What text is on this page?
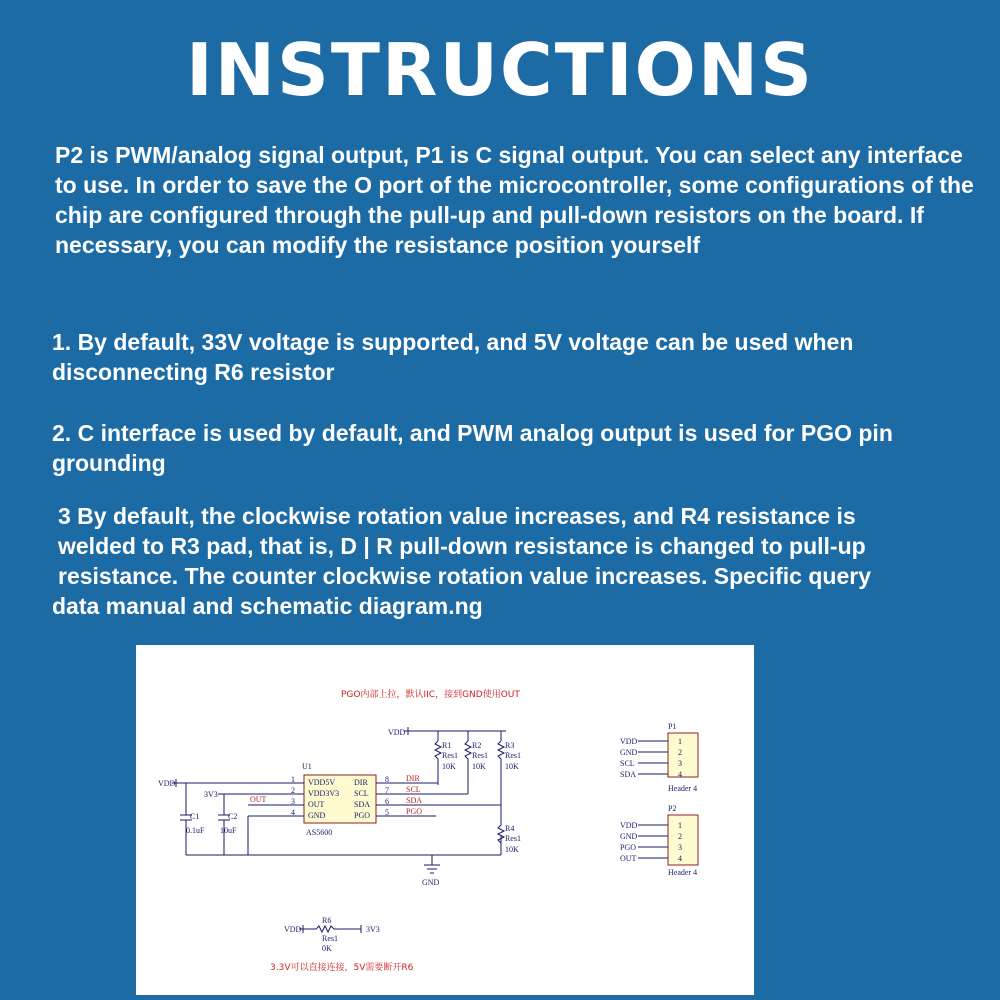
INSTRUCTIONS
P2 is PWM/analog signal output, P1 is C signal output. You can select any interface to use. In order to save the O port of the microcontroller, some configurations of the chip are configured through the pull-up and pull-down resistors on the board. If necessary, you can modify the resistance position yourself
1. By default, 33V voltage is supported, and 5V voltage can be used when disconnecting R6 resistor
2. C interface is used by default, and PWM analog output is used for PGO pin grounding
3 By default, the clockwise rotation value increases, and R4 resistance is
welded to R3 pad, that is, D | R pull-down resistance is changed to pull-up
resistance. The counter clockwise rotation value increases. Specific query
data manual and schematic diagram.ng
PGO内部上拉，默认IIC，接到GND使用OUT
VDD
R1
Res1
10K
R2
Res1
10K
R3
Res1
10K
U1
VDD5V
VDD3V3
OUT
GND
DIR
SCL
SDA
PGO
1
2
3
4
8
7
6
5
AS5600
DIR
SCL
SDA
PGO
VDD
3V3
C1
0.1uF
C2
10uF
OUT
GND
R4
Res1
10K
P1
VDD
GND
SCL
SDA
1
2
3
4
Header 4
P2
VDD
GND
PGO
OUT
1
2
3
4
Header 4
VDD
R6
Res1
0K
3V3
3.3V可以直接连接，5V需要断开R6
